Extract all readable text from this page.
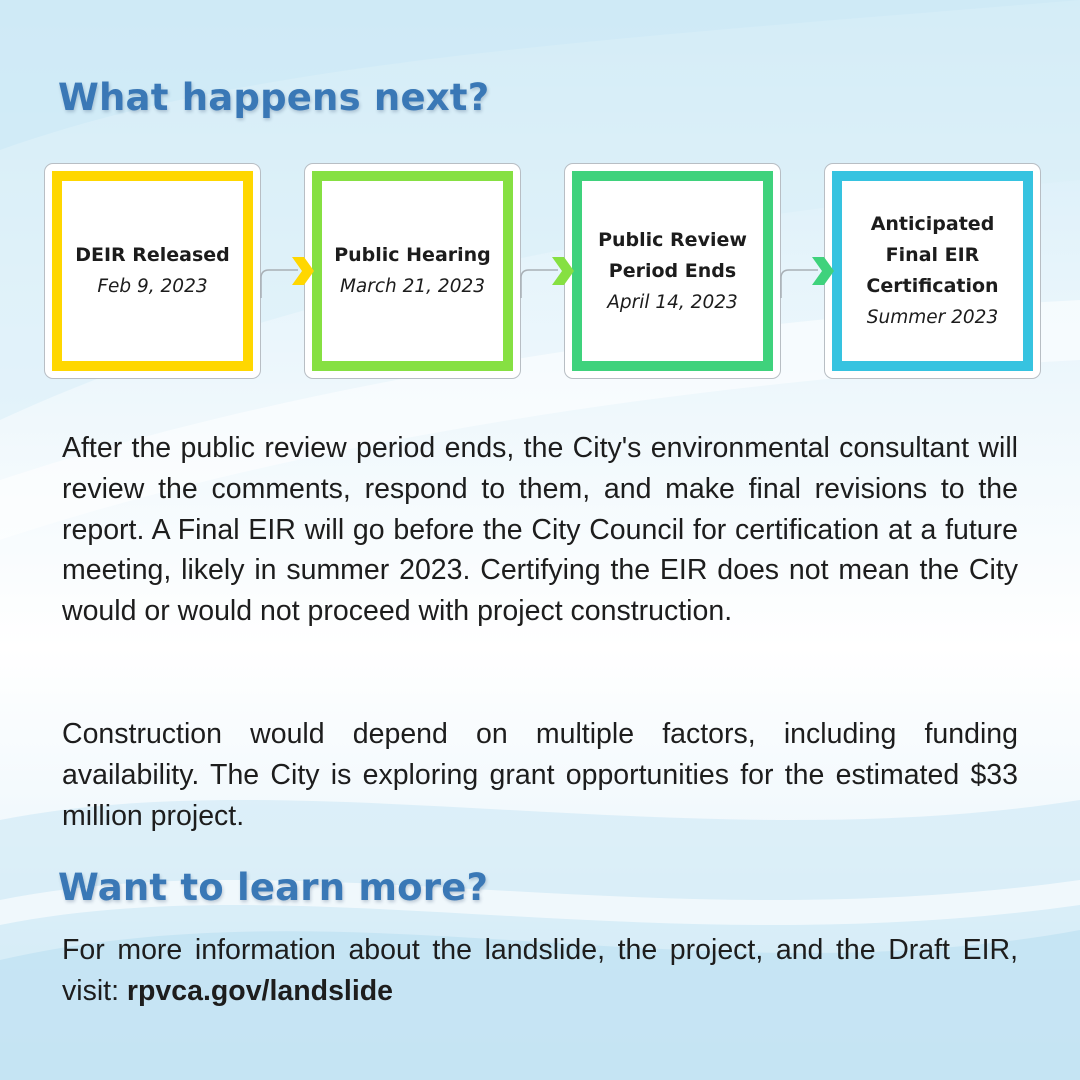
What happens next?
DEIR Released
Feb 9, 2023
Public Hearing
March 21, 2023
Public Review
Period Ends
April 14, 2023
Anticipated
Final EIR
Certification
Summer 2023

After the public review period ends, the City's environmental consultant will review the comments, respond to them, and make final revisions to the report. A Final EIR will go before the City Council for certification at a future meeting, likely in summer 2023. Certifying the EIR does not mean the City would or would not proceed with project construction.

Construction would depend on multiple factors, including funding availability. The City is exploring grant opportunities for the estimated $33 million project.

Want to learn more?

For more information about the landslide, the project, and the Draft EIR, visit: rpvca.gov/landslide
